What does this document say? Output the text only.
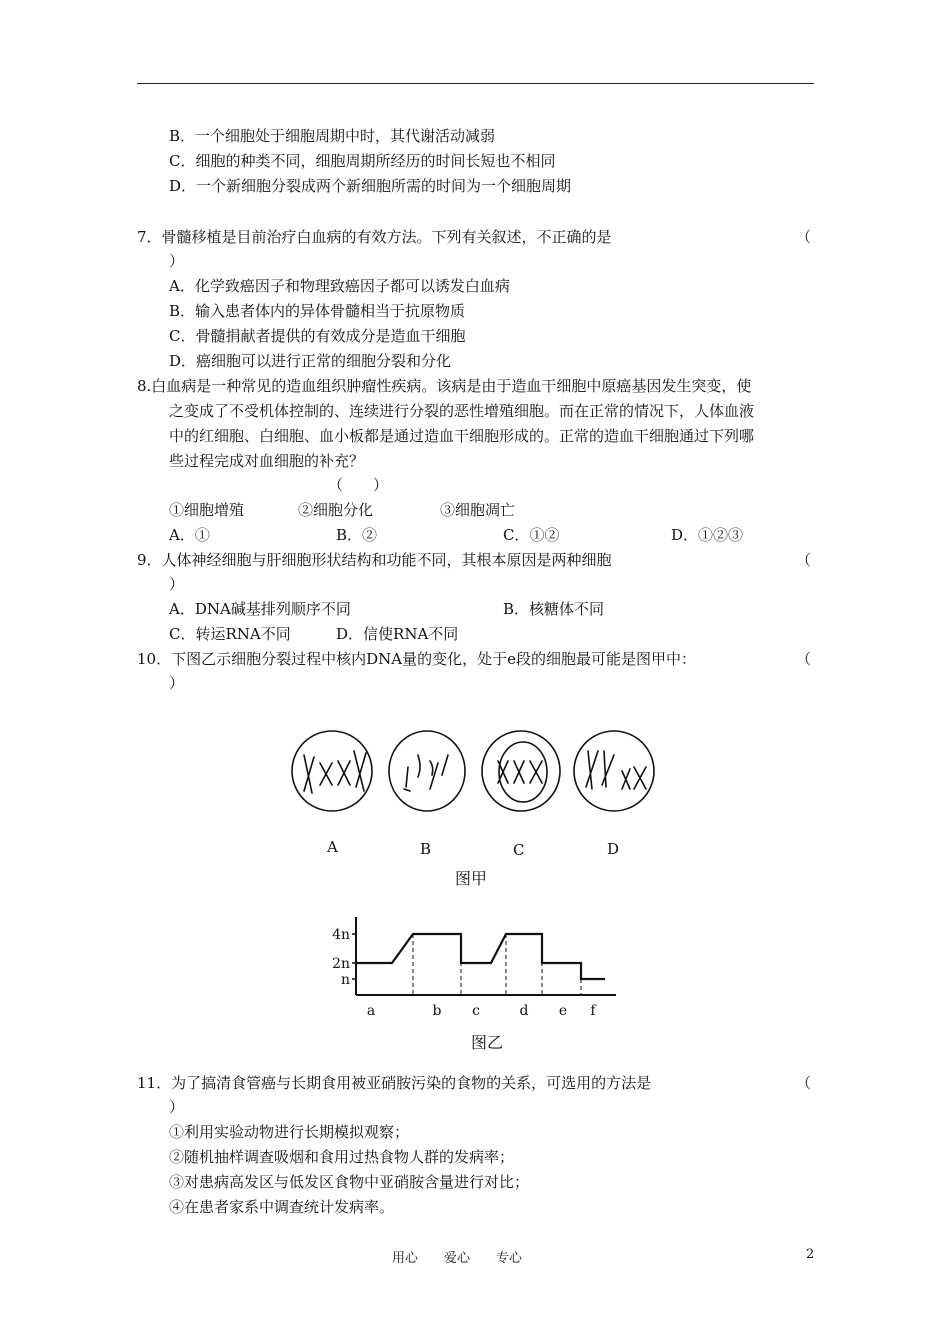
B．一个细胞处于细胞周期中时，其代谢活动减弱
C．细胞的种类不同，细胞周期所经历的时间长短也不相同
D．一个新细胞分裂成两个新细胞所需的时间为一个细胞周期
7．骨髓移植是目前治疗白血病的有效方法。下列有关叙述，不正确的是	（
）
A．化学致癌因子和物理致癌因子都可以诱发白血病
B．输入患者体内的异体骨髓相当于抗原物质
C．骨髓捐献者提供的有效成分是造血干细胞
D．癌细胞可以进行正常的细胞分裂和分化
8.白血病是一种常见的造血组织肿瘤性疾病。该病是由于造血干细胞中原癌基因发生突变，使
之变成了不受机体控制的、连续进行分裂的恶性增殖细胞。而在正常的情况下，人体血液
中的红细胞、白细胞、血小板都是通过造血干细胞形成的。正常的造血干细胞通过下列哪
些过程完成对血细胞的补充？
（　　）
①细胞增殖	②细胞分化	③细胞凋亡
A．①	B．②	C．①②	D．①②③
9．人体神经细胞与肝细胞形状结构和功能不同，其根本原因是两种细胞	（
）
A．DNA碱基排列顺序不同	B．核糖体不同
C．转运RNA不同	D．信使RNA不同
10．下图乙示细胞分裂过程中核内DNA量的变化，处于e段的细胞最可能是图甲中：	（
）
A	B	C	D
图甲
4n
2n
n
a	b c	d e f
图乙
11．为了搞清食管癌与长期食用被亚硝胺污染的食物的关系，可选用的方法是	（
）
①利用实验动物进行长期模拟观察；
②随机抽样调查吸烟和食用过热食物人群的发病率；
③对患病高发区与低发区食物中亚硝胺含量进行对比；
④在患者家系中调查统计发病率。
用心　　爱心　　专心	2
